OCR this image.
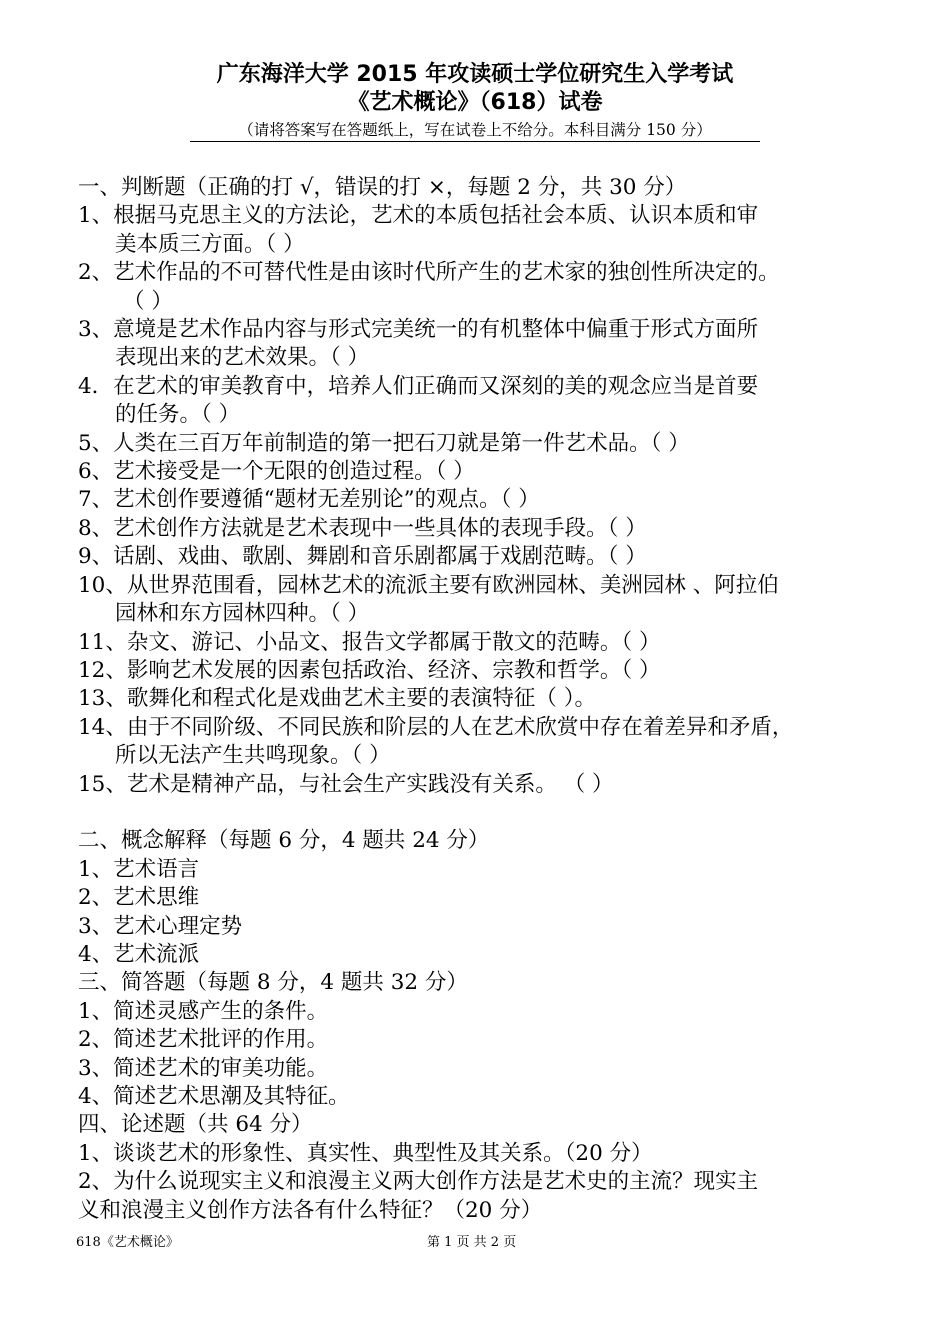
广东海洋大学 2015 年攻读硕士学位研究生入学考试
《艺术概论》（618）试卷
（请将答案写在答题纸上，写在试卷上不给分。本科目满分 150 分）
一、判断题（正确的打 √，错误的打 ×，每题 2 分，共 30 分）
1、根据马克思主义的方法论，艺术的本质包括社会本质、认识本质和审
美本质三方面。（ ）
2、艺术作品的不可替代性是由该时代所产生的艺术家的独创性所决定的。
（ ）
3、意境是艺术作品内容与形式完美统一的有机整体中偏重于形式方面所
表现出来的艺术效果。（ ）
4．在艺术的审美教育中，培养人们正确而又深刻的美的观念应当是首要
的任务。（ ）
5、人类在三百万年前制造的第一把石刀就是第一件艺术品。（ ）
6、艺术接受是一个无限的创造过程。（ ）
7、艺术创作要遵循“题材无差别论”的观点。（ ）
8、艺术创作方法就是艺术表现中一些具体的表现手段。（ ）
9、话剧、戏曲、歌剧、舞剧和音乐剧都属于戏剧范畴。（ ）
10、从世界范围看，园林艺术的流派主要有欧洲园林、美洲园林 、阿拉伯
园林和东方园林四种。（ ）
11、杂文、游记、小品文、报告文学都属于散文的范畴。（ ）
12、影响艺术发展的因素包括政治、经济、宗教和哲学。（ ）
13、歌舞化和程式化是戏曲艺术主要的表演特征（ ）。
14、由于不同阶级、不同民族和阶层的人在艺术欣赏中存在着差异和矛盾，
所以无法产生共鸣现象。（ ）
15、艺术是精神产品，与社会生产实践没有关系。 （ ）
二、概念解释（每题 6 分，4 题共 24 分）
1、艺术语言
2、艺术思维
3、艺术心理定势
4、艺术流派
三、简答题（每题 8 分，4 题共 32 分）
1、简述灵感产生的条件。
2、简述艺术批评的作用。
3、简述艺术的审美功能。
4、简述艺术思潮及其特征。
四、论述题（共 64 分）
1、谈谈艺术的形象性、真实性、典型性及其关系。（20 分）
2、为什么说现实主义和浪漫主义两大创作方法是艺术史的主流？现实主
义和浪漫主义创作方法各有什么特征？（20 分）
618《艺术概论》	第 1 页 共 2 页
